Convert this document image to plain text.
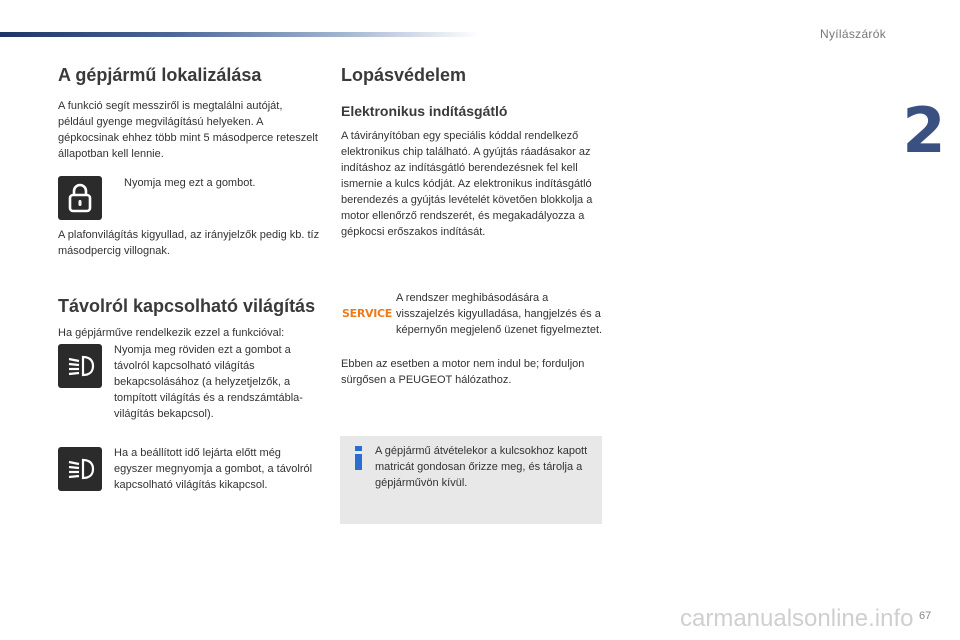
Nyílászárók
2
A gépjármű lokalizálása

A funkció segít messziről is megtalálni autóját, például gyenge megvilágítású helyeken. A gépkocsinak ehhez több mint 5 másodperce reteszelt állapotban kell lennie.

Nyomja meg ezt a gombot.
A plafonvilágítás kigyullad, az irányjelzők pedig kb. tíz másodpercig villognak.
Távolról kapcsolható világítás

Ha gépjárműve rendelkezik ezzel a funkcióval:

Nyomja meg röviden ezt a gombot a távolról kapcsolható világítás bekapcsolásához (a helyzetjelzők, a tompított világítás és a rendszámtábla-világítás bekapcsol).
Ha a beállított idő lejárta előtt még egyszer megnyomja a gombot, a távolról kapcsolható világítás kikapcsol.
Lopásvédelem
Elektronikus indításgátló

A távirányítóban egy speciális kóddal rendelkező elektronikus chip található. A gyújtás ráadásakor az indításhoz az indításgátló berendezésnek fel kell ismernie a kulcs kódját. Az elektronikus indításgátló berendezés a gyújtás levételét követően blokkolja a motor ellenőrző rendszerét, és megakadályozza a gépkocsi erőszakos indítását.

SERVICE
A rendszer meghibásodására a visszajelzés kigyulladása, hangjelzés és a képernyőn megjelenő üzenet figyelmeztet.
Ebben az esetben a motor nem indul be; forduljon sürgősen a PEUGEOT hálózathoz.
A gépjármű átvételekor a kulcsokhoz kapott matricát gondosan őrizze meg, és tárolja a gépjárművön kívül.
carmanualsonline.info 67
